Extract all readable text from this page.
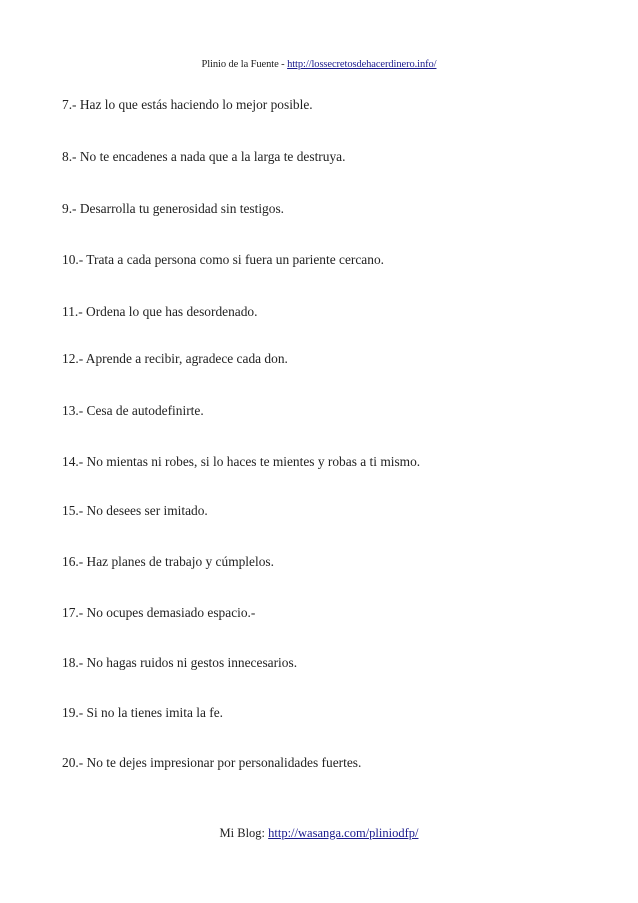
Plinio de la Fuente - http://lossecretosdehacerdinero.info/
7.- Haz lo que estás haciendo lo mejor posible.
8.- No te encadenes a nada que a la larga te destruya.
9.- Desarrolla tu generosidad sin testigos.
10.- Trata a cada persona como si fuera un pariente cercano.
11.- Ordena lo que has desordenado.
12.- Aprende a recibir, agradece cada don.
13.- Cesa de autodefinirte.
14.- No mientas ni robes, si lo haces te mientes y robas a ti mismo.
15.- No desees ser imitado.
16.- Haz planes de trabajo y cúmplelos.
17.- No ocupes demasiado espacio.-
18.- No hagas ruidos ni gestos innecesarios.
19.- Si no la tienes imita la fe.
20.- No te dejes impresionar por personalidades fuertes.
Mi Blog: http://wasanga.com/pliniodfp/
